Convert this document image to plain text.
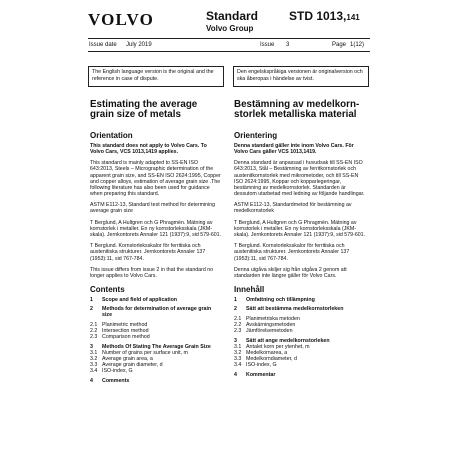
VOLVO	Standard
Volvo Group
STD 1013,141
Issue date July 2019	Issue 3	Page 1(12)
The English language version is the original and the reference in case of dispute.
Den engelskspråkiga versionen är originalversion och ska åberopas i händelse av tvist.
Estimating the average grain size of metals
Orientation
This standard does not apply to Volvo Cars. To Volvo Cars, VCS 1013,1419 applies.
This standard is mainly adapted to SS-EN ISO 643:2013, Steels – Micrographic determination of the apparent grain size, and SS-EN ISO 2624:1995, Copper and copper alloys, estimation of average grain size .The following literature has also been used for guidance when preparing this standard.
ASTM E112-13, Standard test method for determining average grain size
T Berglund, A Hultgren och G Phragmén. Mätning av kornstorlek i metaller. En ny kornstorleksskala (JKM-skala). Jernkontorets Annaler 121 (1937):9, sid 579-601.
T Berglund. Kornstorleksskalor för ferritiska och austenitiska strukturer. Jernkontorets Annaler 137 (1953):11, sid 767-784.
This issue differs from issue 2 in that the standard no longer applies to Volvo Cars.
Contents
1	Scope and field of application
2	Methods for determination of average grain size
2.1 Planimetric method
2.2 Intersection method
2.3 Comparison method
3	Methods Of Stating The Average Grain Size
3.1 Number of grains per surface unit, m
3.2 Average grain area, a
3.3 Average grain diameter, d
3.4 ISO-index, G
4	Comments
Bestämning av medelkorn-storlek metalliska material
Orientering
Denna standard gäller inte inom Volvo Cars. För Volvo Cars gäller VCS 1013,1419.
Denna standard är anpassad i huvudsak till SS-EN ISO 643:2013, Stål – Bestämning av ferritkornstorlek och austenitkornstorlek med mikrometoder, och till SS-EN ISO 2624:1995, Koppar och kopparlegeringar, bestämning av medelkornstorlek. Standarden är dessutom utarbetad med ledning av följande handlingar.
ASTM E112-13, Standardmetod för bestämning av medelkornstorlek
T Berglund, A Hultgren och G Phragmén. Mätning av kornstorlek i metaller. En ny kornstorleksskala (JKM-skala). Jernkontorets Annaler 121 (1937):9, sid 579-601.
T Berglund. Kornstorleksskalor för ferritiska och austenitiska strukturer. Jernkontorets Annaler 137 (1953):11, sid 767-784.
Denna utgåva skiljer sig från utgåva 2 genom att standarden inte längre gäller för Volvo Cars.
Innehåll
1	Omfattning och tillämpning
2	Sätt att bestämma medelkornstorleken
2.1 Planimetriska metoden
2.2 Avskärningsmetoden
2.3 Jämförelsemetoden
3	Sätt att ange medelkornstorleken
3.1 Antalet korn per ytenhet, m
3.2 Medelkornarea, a
3.3 Medelkorndiameter, d
3.4 ISO-index, G
4	Kommentar
